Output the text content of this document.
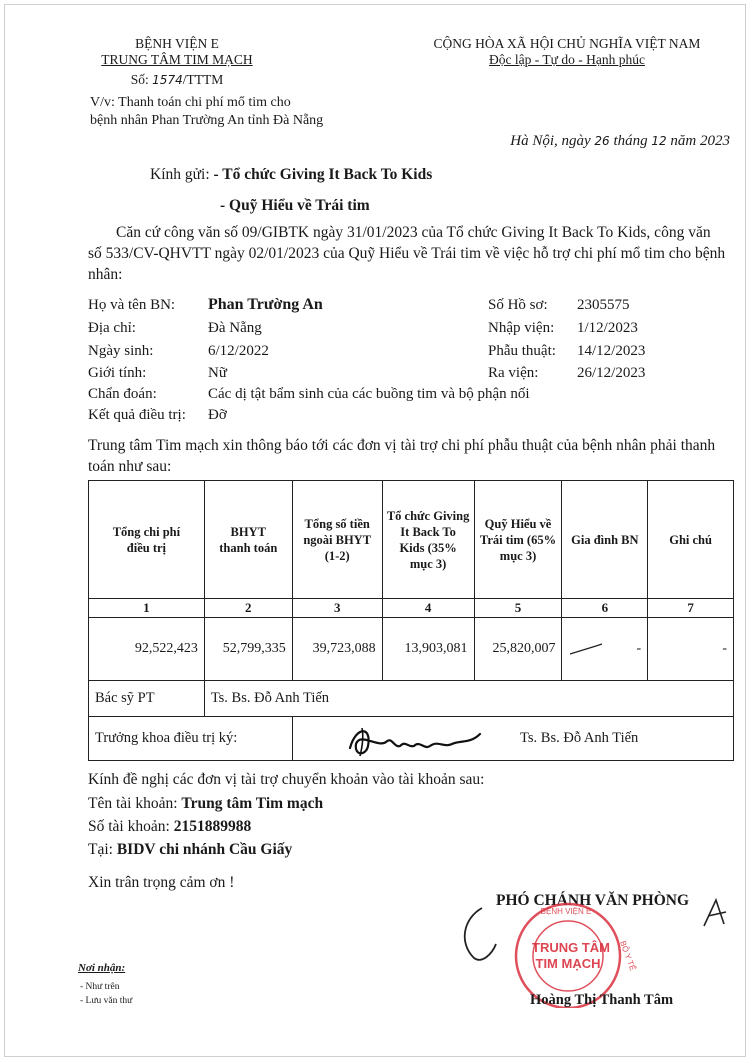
BỆNH VIỆN E
TRUNG TÂM TIM MẠCH
Số: 1574/TTTM
CỘNG HÒA XÃ HỘI CHỦ NGHĨA VIỆT NAM
Độc lập - Tự do - Hạnh phúc
V/v: Thanh toán chi phí mổ tim cho
bệnh nhân Phan Trường An tỉnh Đà Nẵng
Hà Nội, ngày 26 tháng 12 năm 2023
Kính gửi: - Tổ chức Giving It Back To Kids
- Quỹ Hiểu về Trái tim
Căn cứ công văn số 09/GIBTK ngày 31/01/2023 của Tổ chức Giving It Back To Kids, công văn số 533/CV-QHVTT ngày 02/01/2023 của Quỹ Hiểu về Trái tim về việc hỗ trợ chi phí mổ tim cho bệnh nhân:
Họ và tên BN: Phan Trường An
Địa chỉ:	Đà Nẵng
Ngày sinh:	6/12/2022
Giới tính:	Nữ
Chẩn đoán:	Các dị tật bẩm sinh của các buồng tim và bộ phận nối
Kết quả điều trị: Đỡ
Số Hồ sơ: 2305575
Nhập viện: 1/12/2023
Phẫu thuật: 14/12/2023
Ra viện:	26/12/2023
Trung tâm Tim mạch xin thông báo tới các đơn vị tài trợ chi phí phẫu thuật của bệnh nhân phải thanh toán như sau:
Tổng chi phí điều trị	BHYT thanh toán	Tổng số tiền ngoài BHYT (1-2)	Tổ chức Giving It Back To Kids (35% mục 3)	Quỹ Hiểu về Trái tim (65% mục 3)	Gia đình BN	Ghi chú
1	2	3	4	5	6	7
92,522,423	52,799,335	39,723,088	13,903,081	25,820,007	-	-
Bác sỹ PT	Ts. Bs. Đỗ Anh Tiến					
Trưởng khoa điều trị ký:				Ts. Bs. Đỗ Anh Tiến		
Kính đề nghị các đơn vị tài trợ chuyển khoản vào tài khoản sau:
Tên tài khoản: Trung tâm Tim mạch
Số tài khoản: 2151889988
Tại: BIDV chi nhánh Cầu Giấy
Xin trân trọng cảm ơn !
PHÓ CHÁNH VĂN PHÒNG
BỆNH VIỆN E
BỘ Y TẾ
TRUNG TÂM
TIM MẠCH
Hoàng Thị Thanh Tâm
Nơi nhận:
- Như trên
- Lưu văn thư
